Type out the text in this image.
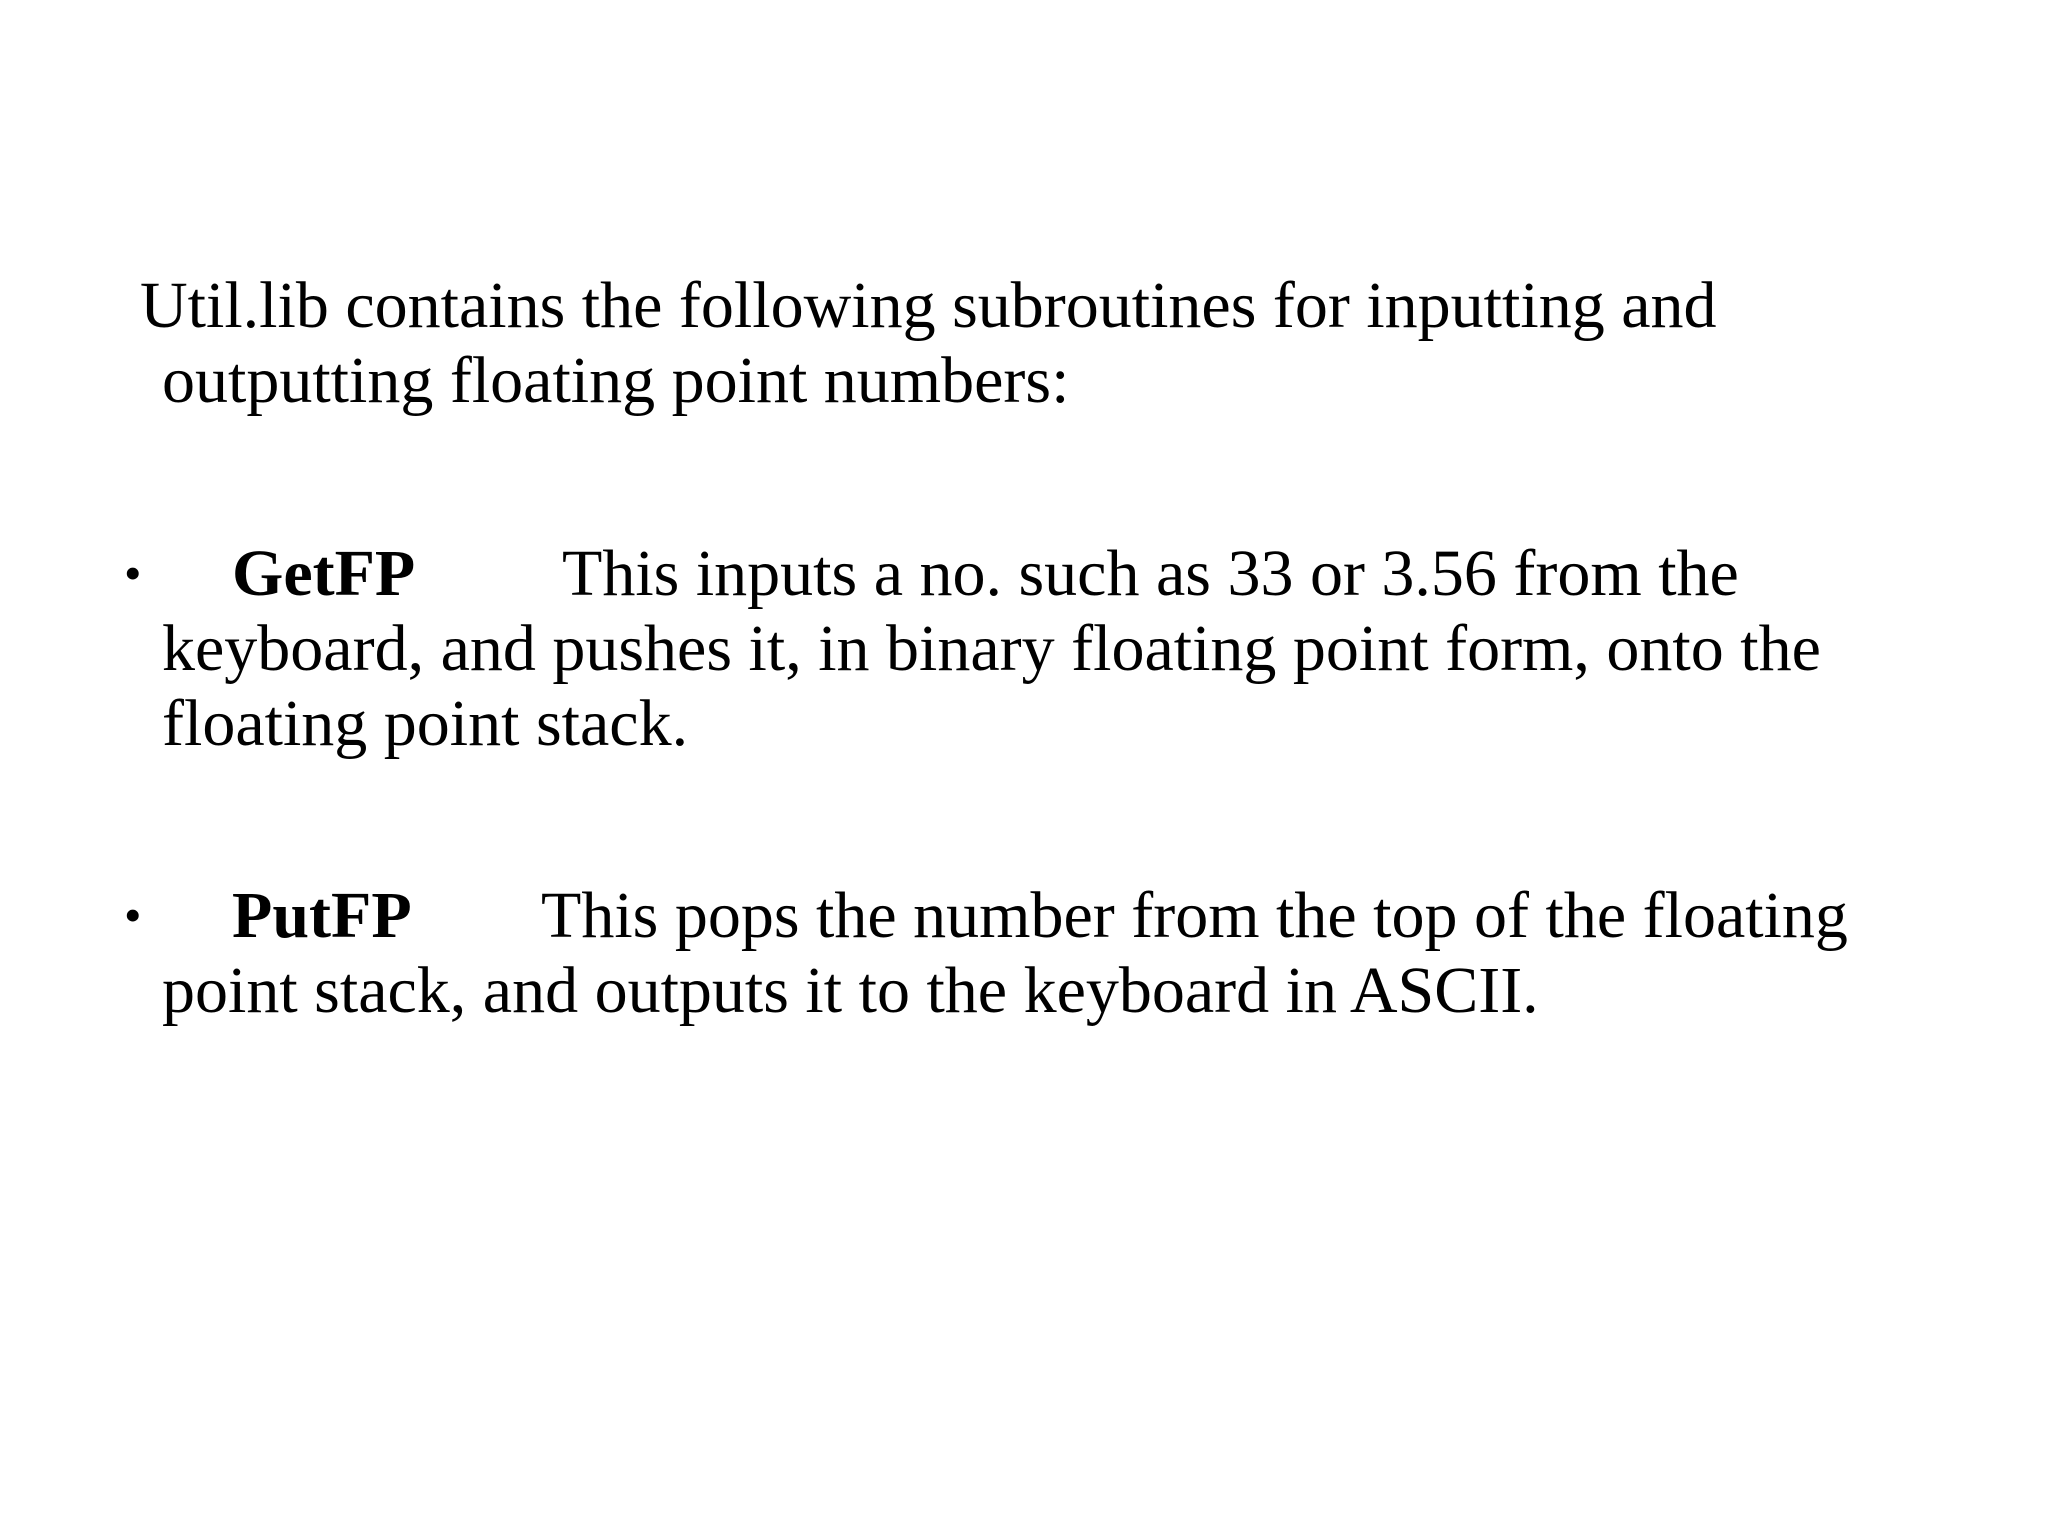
Util.lib contains the following subroutines for inputting and
outputting floating point numbers:
• GetFP This inputs a no. such as 33 or 3.56 from the
keyboard, and pushes it, in binary floating point form, onto the
floating point stack.
• PutFP This pops the number from the top of the floating
point stack, and outputs it to the keyboard in ASCII.
